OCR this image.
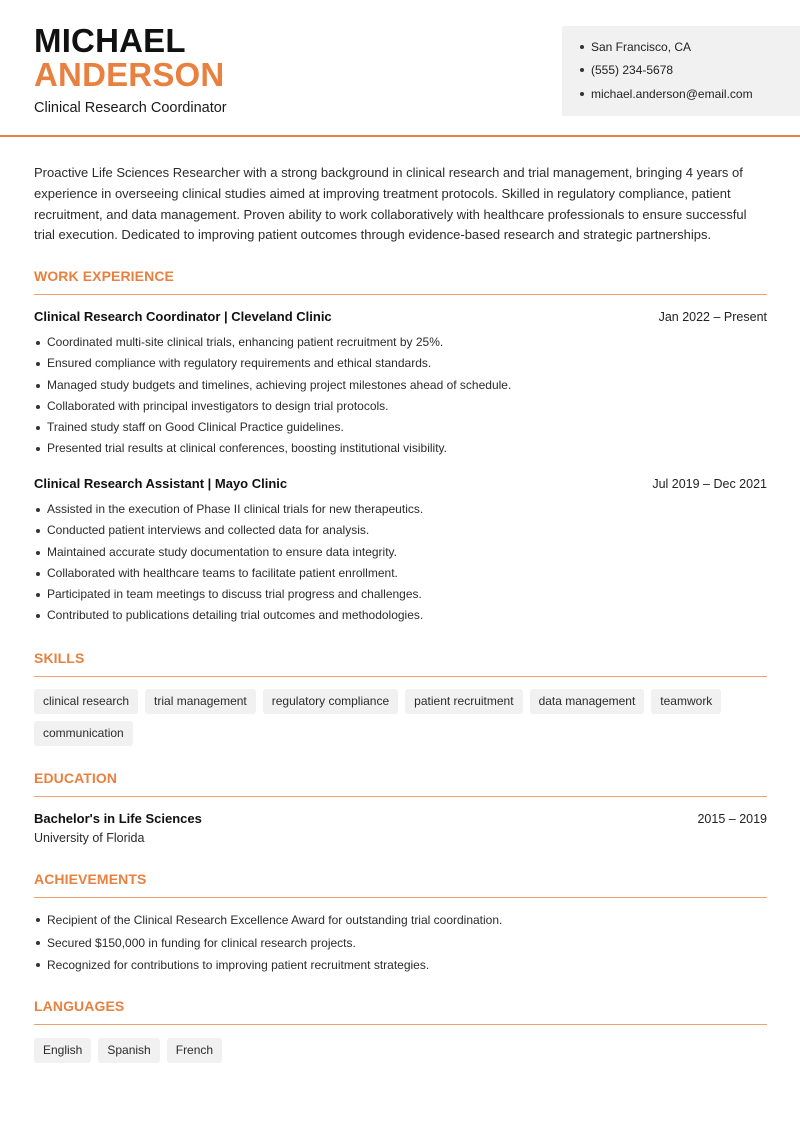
MICHAEL
ANDERSON
Clinical Research Coordinator
San Francisco, CA
(555) 234-5678
michael.anderson@email.com

Proactive Life Sciences Researcher with a strong background in clinical research and trial management, bringing 4 years of experience in overseeing clinical studies aimed at improving treatment protocols. Skilled in regulatory compliance, patient recruitment, and data management. Proven ability to work collaboratively with healthcare professionals to ensure successful trial execution. Dedicated to improving patient outcomes through evidence-based research and strategic partnerships.

WORK EXPERIENCE
Clinical Research Coordinator | Cleveland Clinic	Jan 2022 – Present
Coordinated multi-site clinical trials, enhancing patient recruitment by 25%.
Ensured compliance with regulatory requirements and ethical standards.
Managed study budgets and timelines, achieving project milestones ahead of schedule.
Collaborated with principal investigators to design trial protocols.
Trained study staff on Good Clinical Practice guidelines.
Presented trial results at clinical conferences, boosting institutional visibility.
Clinical Research Assistant | Mayo Clinic	Jul 2019 – Dec 2021
Assisted in the execution of Phase II clinical trials for new therapeutics.
Conducted patient interviews and collected data for analysis.
Maintained accurate study documentation to ensure data integrity.
Collaborated with healthcare teams to facilitate patient enrollment.
Participated in team meetings to discuss trial progress and challenges.
Contributed to publications detailing trial outcomes and methodologies.
SKILLS
clinical research	trial management	regulatory compliance	patient recruitment	data management	teamwork
communication
EDUCATION
Bachelor's in Life Sciences	2015 – 2019
University of Florida
ACHIEVEMENTS
Recipient of the Clinical Research Excellence Award for outstanding trial coordination.
Secured $150,000 in funding for clinical research projects.
Recognized for contributions to improving patient recruitment strategies.
LANGUAGES
English	Spanish	French
